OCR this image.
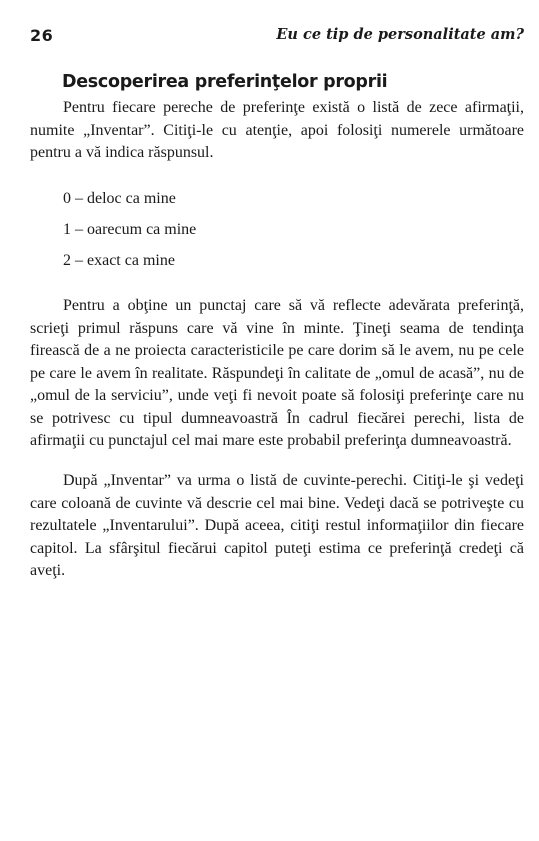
26	Eu ce tip de personalitate am?
Descoperirea preferinţelor proprii

Pentru fiecare pereche de preferinţe există o listă de zece afirmaţii, numite „Inventar”. Citiţi-le cu atenţie, apoi folosiţi numerele următoare pentru a vă indica răspunsul.

0 – deloc ca mine
1 – oarecum ca mine
2 – exact ca mine

Pentru a obţine un punctaj care să vă reflecte adevărata preferinţă, scrieţi primul răspuns care vă vine în minte. Ţineţi seama de tendinţa firească de a ne proiecta caracteristicile pe care dorim să le avem, nu pe cele pe care le avem în realitate. Răspundeţi în calitate de „omul de acasă”, nu de „omul de la serviciu”, unde veţi fi nevoit poate să folosiţi preferinţe care nu se potrivesc cu tipul dumneavoastră În cadrul fiecărei perechi, lista de afirmaţii cu punctajul cel mai mare este probabil preferinţa dumneavoastră.

După „Inventar” va urma o listă de cuvinte-perechi. Citiţi-le şi vedeţi care coloană de cuvinte vă descrie cel mai bine. Vedeţi dacă se potriveşte cu rezultatele „Inventarului”. După aceea, citiţi restul informaţiilor din fiecare capitol. La sfârşitul fiecărui capitol puteţi estima ce preferinţă credeţi că aveţi.
